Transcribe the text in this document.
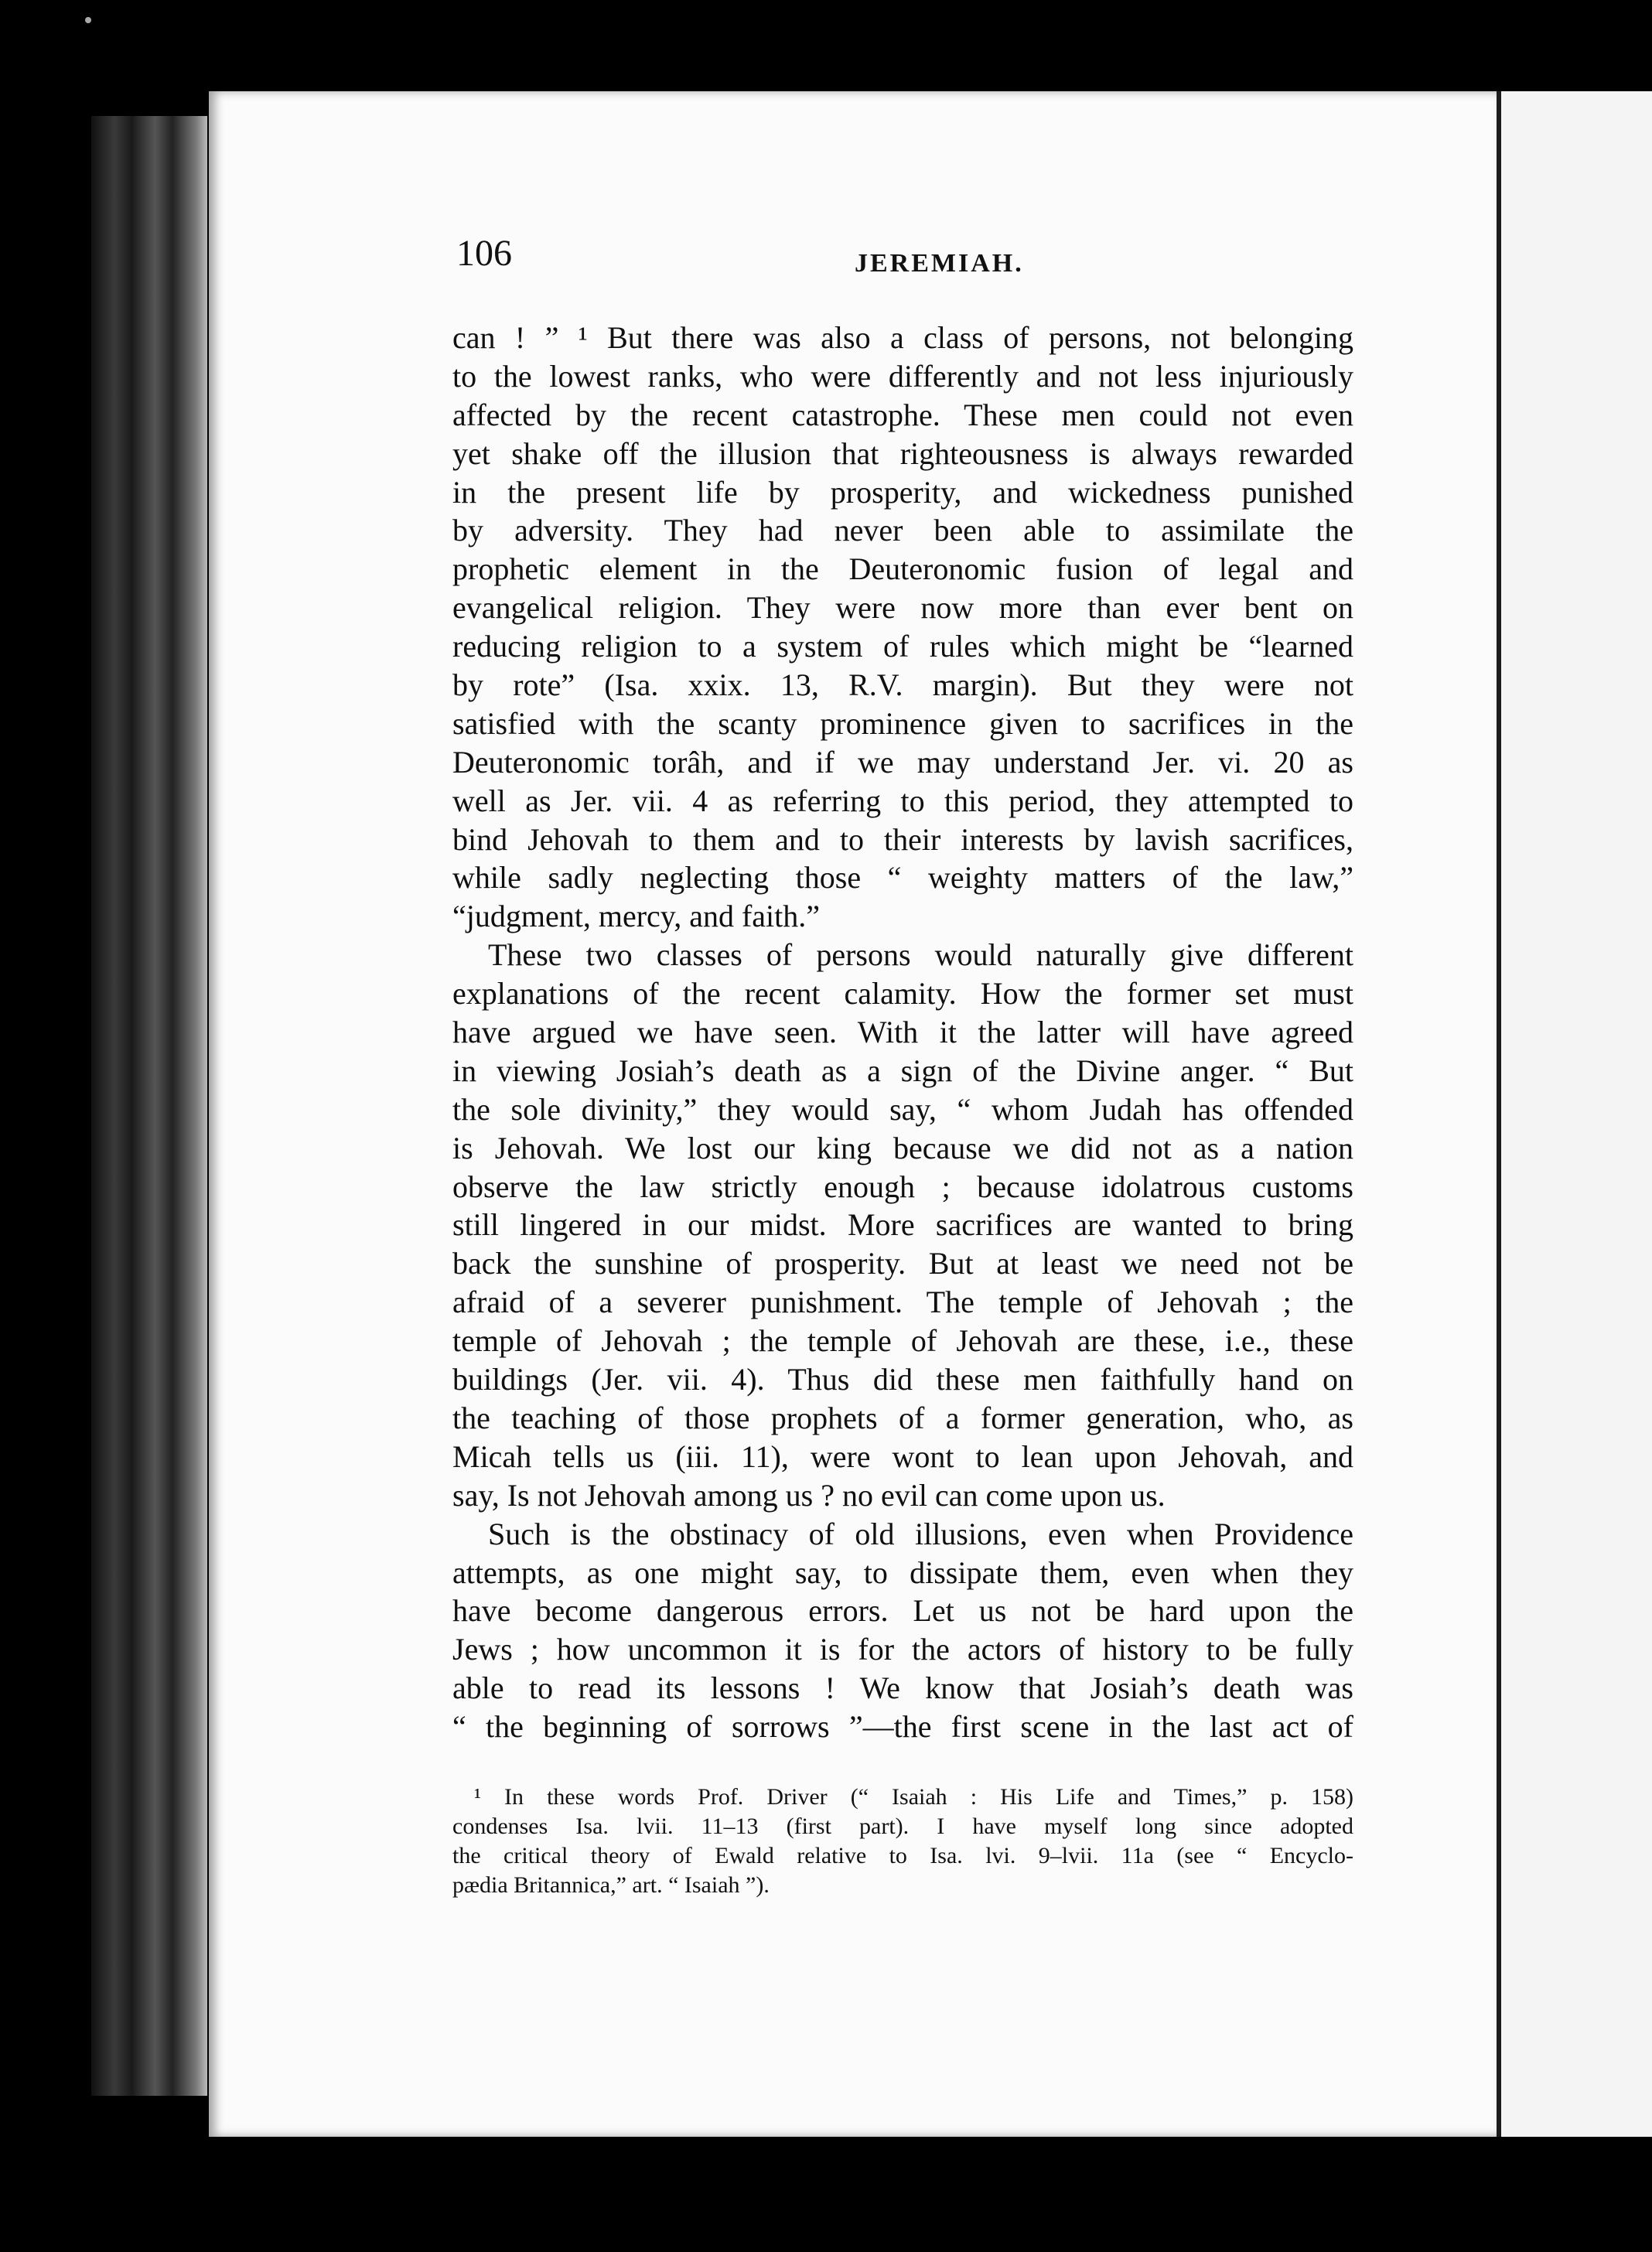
106	JEREMIAH.
can ! ” ¹ But there was also a class of persons, not belonging
to the lowest ranks, who were differently and not less injuriously
affected by the recent catastrophe. These men could not even
yet shake off the illusion that righteousness is always rewarded
in the present life by prosperity, and wickedness punished
by adversity. They had never been able to assimilate the
prophetic element in the Deuteronomic fusion of legal and
evangelical religion. They were now more than ever bent on
reducing religion to a system of rules which might be “learned
by rote” (Isa. xxix. 13, R.V. margin). But they were not
satisfied with the scanty prominence given to sacrifices in the
Deuteronomic torâh, and if we may understand Jer. vi. 20 as
well as Jer. vii. 4 as referring to this period, they attempted to
bind Jehovah to them and to their interests by lavish sacrifices,
while sadly neglecting those “ weighty matters of the law,”
“judgment, mercy, and faith.”
These two classes of persons would naturally give different
explanations of the recent calamity. How the former set must
have argued we have seen. With it the latter will have agreed
in viewing Josiah’s death as a sign of the Divine anger. “ But
the sole divinity,” they would say, “ whom Judah has offended
is Jehovah. We lost our king because we did not as a nation
observe the law strictly enough ; because idolatrous customs
still lingered in our midst. More sacrifices are wanted to bring
back the sunshine of prosperity. But at least we need not be
afraid of a severer punishment. The temple of Jehovah ; the
temple of Jehovah ; the temple of Jehovah are these, i.e., these
buildings (Jer. vii. 4). Thus did these men faithfully hand on
the teaching of those prophets of a former generation, who, as
Micah tells us (iii. 11), were wont to lean upon Jehovah, and
say, Is not Jehovah among us ? no evil can come upon us.
Such is the obstinacy of old illusions, even when Providence
attempts, as one might say, to dissipate them, even when they
have become dangerous errors. Let us not be hard upon the
Jews ; how uncommon it is for the actors of history to be fully
able to read its lessons ! We know that Josiah’s death was
“ the beginning of sorrows ”—the first scene in the last act of
¹ In these words Prof. Driver (“ Isaiah : His Life and Times,” p. 158)
condenses Isa. lvii. 11–13 (first part). I have myself long since adopted
the critical theory of Ewald relative to Isa. lvi. 9–lvii. 11a (see “ Encyclo-
pædia Britannica,” art. “ Isaiah ”).
